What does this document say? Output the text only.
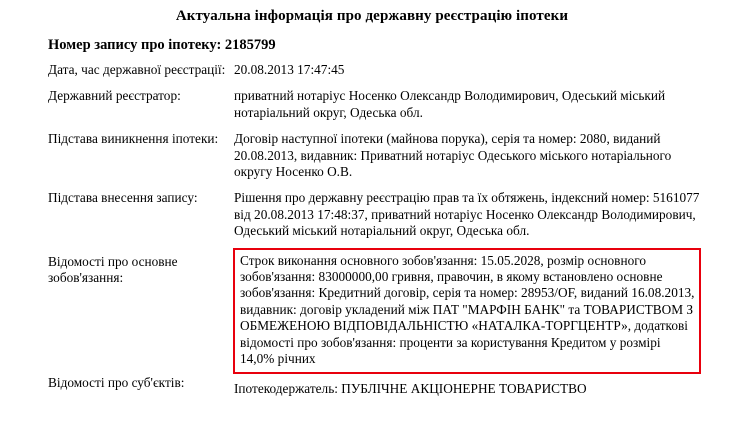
Актуальна інформація про державну реєстрацію іпотеки
Номер запису про іпотеку: 2185799
Дата, час державної реєстрації:	20.08.2013 17:47:45
Державний реєстратор:	приватний нотаріус Носенко Олександр Володимирович, Одеський міський нотаріальний округ, Одеська обл.
Підстава виникнення іпотеки:	Договір наступної іпотеки (майнова порука), серія та номер: 2080, виданий 20.08.2013, видавник: Приватний нотаріус Одеського міського нотаріального округу Носенко О.В.
Підстава внесення запису:	Рішення про державну реєстрацію прав та їх обтяжень, індексний номер: 5161077 від 20.08.2013 17:48:37, приватний нотаріус Носенко Олександр Володимирович, Одеський міський нотаріальний округ, Одеська обл.
Відомості про основне зобов'язання:	Строк виконання основного зобов'язання: 15.05.2028, розмір основного зобов'язання: 83000000,00 гривня, правочин, в якому встановлено основне зобов'язання: Кредитний договір, серія та номер: 28953/OF, виданий 16.08.2013, видавник: договір укладений між ПАТ "МАРФІН БАНК" та ТОВАРИСТВОМ З ОБМЕЖЕНОЮ ВІДПОВІДАЛЬНІСТЮ «НАТАЛКА-ТОРГЦЕНТР», додаткові відомості про зобов'язання: проценти за користування Кредитом у розмірі 14,0% річних
Відомості про суб'єктів:	Іпотекодержатель: ПУБЛІЧНЕ АКЦІОНЕРНЕ ТОВАРИСТВО
